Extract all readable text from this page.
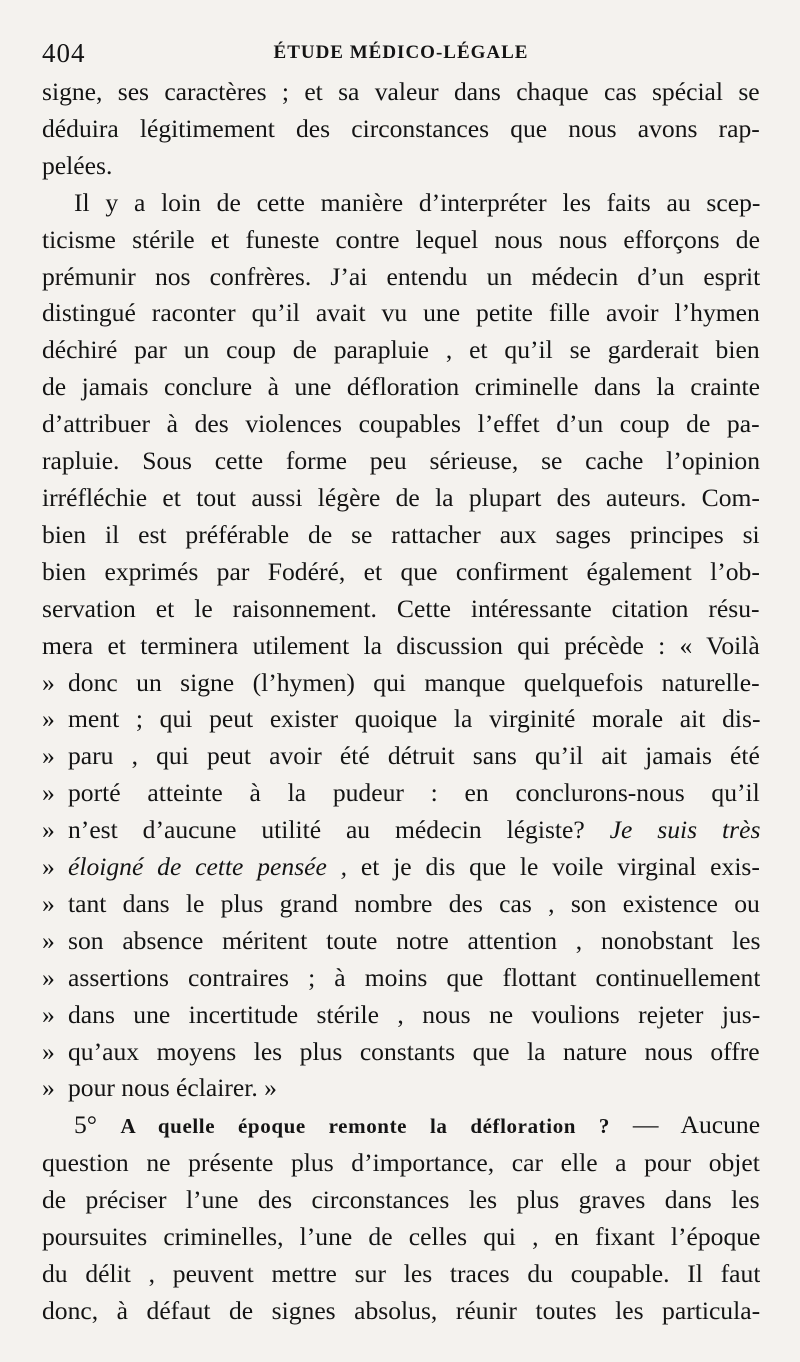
404	ÉTUDE MÉDICO-LÉGALE
signe, ses caractères ; et sa valeur dans chaque cas spécial se
déduira légitimement des circonstances que nous avons rap-
pelées.
Il y a loin de cette manière d’interpréter les faits au scep-
ticisme stérile et funeste contre lequel nous nous efforçons de
prémunir nos confrères. J’ai entendu un médecin d’un esprit
distingué raconter qu’il avait vu une petite fille avoir l’hymen
déchiré par un coup de parapluie , et qu’il se garderait bien
de jamais conclure à une défloration criminelle dans la crainte
d’attribuer à des violences coupables l’effet d’un coup de pa-
rapluie. Sous cette forme peu sérieuse, se cache l’opinion
irréfléchie et tout aussi légère de la plupart des auteurs. Com-
bien il est préférable de se rattacher aux sages principes si
bien exprimés par Fodéré, et que confirment également l’ob-
servation et le raisonnement. Cette intéressante citation résu-
mera et terminera utilement la discussion qui précède : « Voilà
» donc un signe (l’hymen) qui manque quelquefois naturelle-
» ment ; qui peut exister quoique la virginité morale ait dis-
» paru , qui peut avoir été détruit sans qu’il ait jamais été
» porté atteinte à la pudeur : en conclurons-nous qu’il
» n’est d’aucune utilité au médecin légiste? Je suis très
» éloigné de cette pensée , et je dis que le voile virginal exis-
» tant dans le plus grand nombre des cas , son existence ou
» son absence méritent toute notre attention , nonobstant les
» assertions contraires ; à moins que flottant continuellement
» dans une incertitude stérile , nous ne voulions rejeter jus-
» qu’aux moyens les plus constants que la nature nous offre
» pour nous éclairer. »
5° A quelle époque remonte la défloration ? — Aucune
question ne présente plus d’importance, car elle a pour objet
de préciser l’une des circonstances les plus graves dans les
poursuites criminelles, l’une de celles qui , en fixant l’époque
du délit , peuvent mettre sur les traces du coupable. Il faut
donc, à défaut de signes absolus, réunir toutes les particula-
